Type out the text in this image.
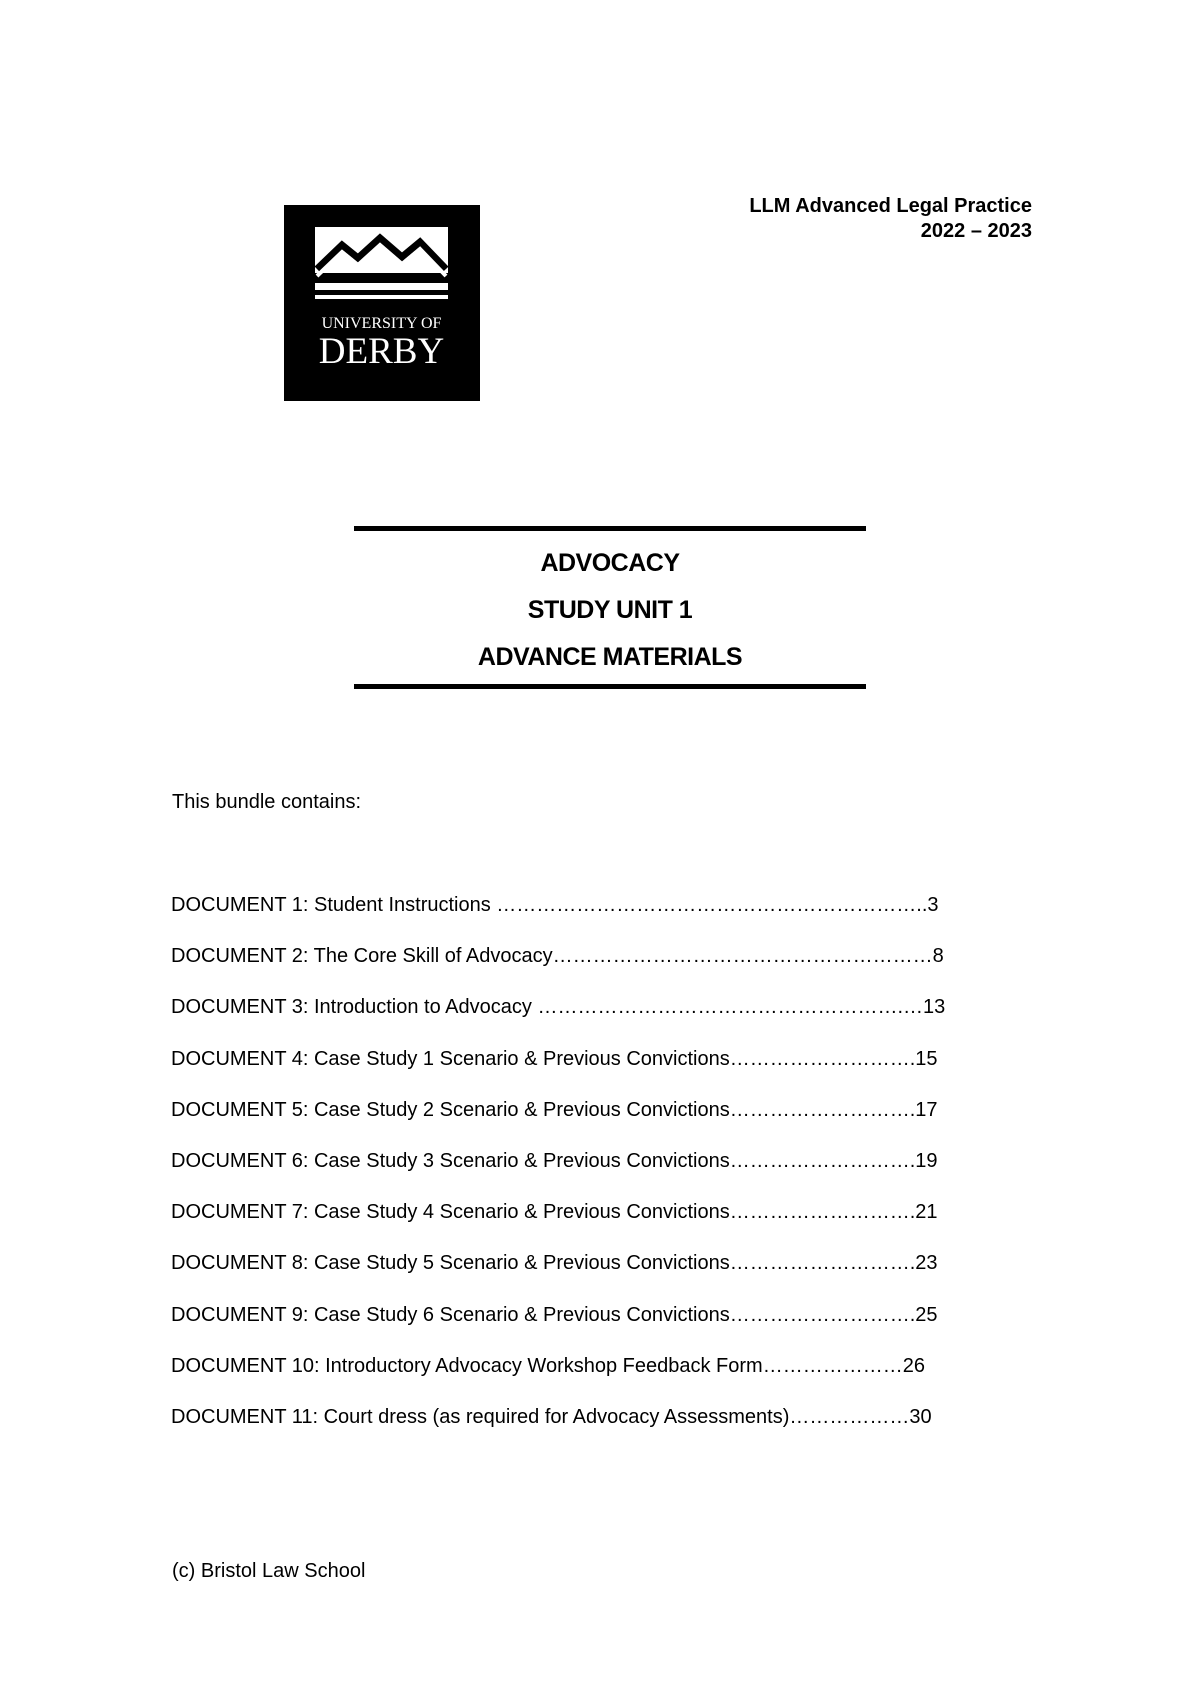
UNIVERSITY OF
DERBY
LLM Advanced Legal Practice
2022 – 2023
ADVOCACY
STUDY UNIT 1
ADVANCE MATERIALS
This bundle contains:
DOCUMENT 1: Student Instructions ………………………………………………………..3
DOCUMENT 2: The Core Skill of Advocacy…………………………………………………8
DOCUMENT 3: Introduction to Advocacy ……………………………………………….…13
DOCUMENT 4: Case Study 1 Scenario & Previous Convictions……………………….15
DOCUMENT 5: Case Study 2 Scenario & Previous Convictions……………………….17
DOCUMENT 6: Case Study 3 Scenario & Previous Convictions……………………….19
DOCUMENT 7: Case Study 4 Scenario & Previous Convictions……………………….21
DOCUMENT 8: Case Study 5 Scenario & Previous Convictions……………………….23
DOCUMENT 9: Case Study 6 Scenario & Previous Convictions……………………….25
DOCUMENT 10: Introductory Advocacy Workshop Feedback Form…………………26
DOCUMENT 11: Court dress (as required for Advocacy Assessments)………………30
(c) Bristol Law School
